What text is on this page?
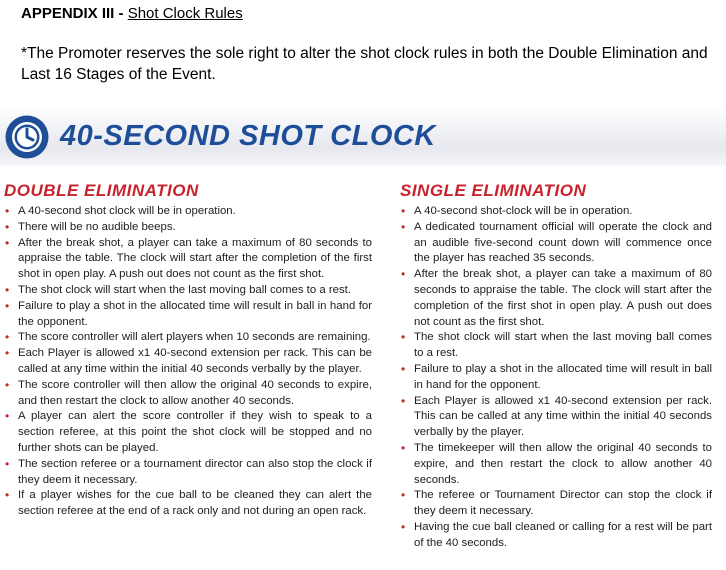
APPENDIX III - Shot Clock Rules

*The Promoter reserves the sole right to alter the shot clock rules in both the Double Elimination and Last 16 Stages of the Event.

40-SECOND SHOT CLOCK
DOUBLE ELIMINATION
• A 40-second shot clock will be in operation.
• There will be no audible beeps.
• After the break shot, a player can take a maximum of 80 seconds to appraise the table. The clock will start after the completion of the first shot in open play. A push out does not count as the first shot.
• The shot clock will start when the last moving ball comes to a rest.
• Failure to play a shot in the allocated time will result in ball in hand for the opponent.
• The score controller will alert players when 10 seconds are remaining.
• Each Player is allowed x1 40-second extension per rack. This can be called at any time within the initial 40 seconds verbally by the player.
• The score controller will then allow the original 40 seconds to expire, and then restart the clock to allow another 40 seconds.
• A player can alert the score controller if they wish to speak to a section referee, at this point the shot clock will be stopped and no further shots can be played.
• The section referee or a tournament director can also stop the clock if they deem it necessary.
• If a player wishes for the cue ball to be cleaned they can alert the section referee at the end of a rack only and not during an open rack.
SINGLE ELIMINATION
• A 40-second shot-clock will be in operation.
• A dedicated tournament official will operate the clock and an audible five-second count down will commence once the player has reached 35 seconds.
• After the break shot, a player can take a maximum of 80 seconds to appraise the table. The clock will start after the completion of the first shot in open play. A push out does not count as the first shot.
• The shot clock will start when the last moving ball comes to a rest.
• Failure to play a shot in the allocated time will result in ball in hand for the opponent.
• Each Player is allowed x1 40-second extension per rack. This can be called at any time within the initial 40 seconds verbally by the player.
• The timekeeper will then allow the original 40 seconds to expire, and then restart the clock to allow another 40 seconds.
• The referee or Tournament Director can stop the clock if they deem it necessary.
• Having the cue ball cleaned or calling for a rest will be part of the 40 seconds.
